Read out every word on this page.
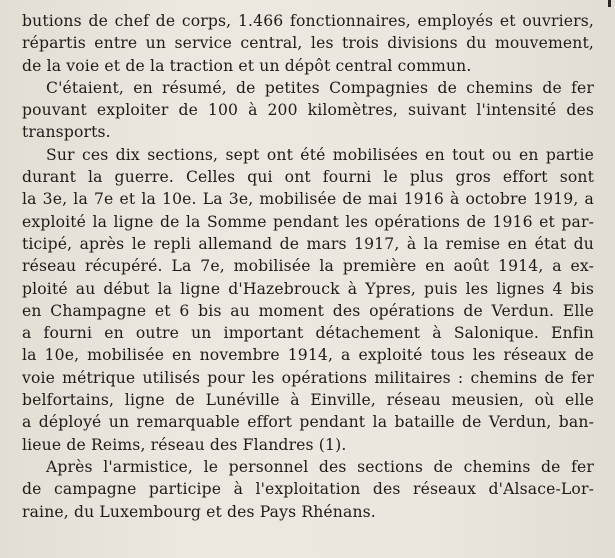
butions de chef de corps, 1.466 fonctionnaires, employés et ouvriers,
répartis entre un service central, les trois divisions du mouvement,
de la voie et de la traction et un dépôt central commun.
C'étaient, en résumé, de petites Compagnies de chemins de fer
pouvant exploiter de 100 à 200 kilomètres, suivant l'intensité des
transports.
Sur ces dix sections, sept ont été mobilisées en tout ou en partie
durant la guerre. Celles qui ont fourni le plus gros effort sont
la 3e, la 7e et la 10e. La 3e, mobilisée de mai 1916 à octobre 1919, a
exploité la ligne de la Somme pendant les opérations de 1916 et par-
ticipé, après le repli allemand de mars 1917, à la remise en état du
réseau récupéré. La 7e, mobilisée la première en août 1914, a ex-
ploité au début la ligne d'Hazebrouck à Ypres, puis les lignes 4 bis
en Champagne et 6 bis au moment des opérations de Verdun. Elle
a fourni en outre un important détachement à Salonique. Enfin
la 10e, mobilisée en novembre 1914, a exploité tous les réseaux de
voie métrique utilisés pour les opérations militaires : chemins de fer
belfortains, ligne de Lunéville à Einville, réseau meusien, où elle
a déployé un remarquable effort pendant la bataille de Verdun, ban-
lieue de Reims, réseau des Flandres (1).
Après l'armistice, le personnel des sections de chemins de fer
de campagne participe à l'exploitation des réseaux d'Alsace-Lor-
raine, du Luxembourg et des Pays Rhénans.
